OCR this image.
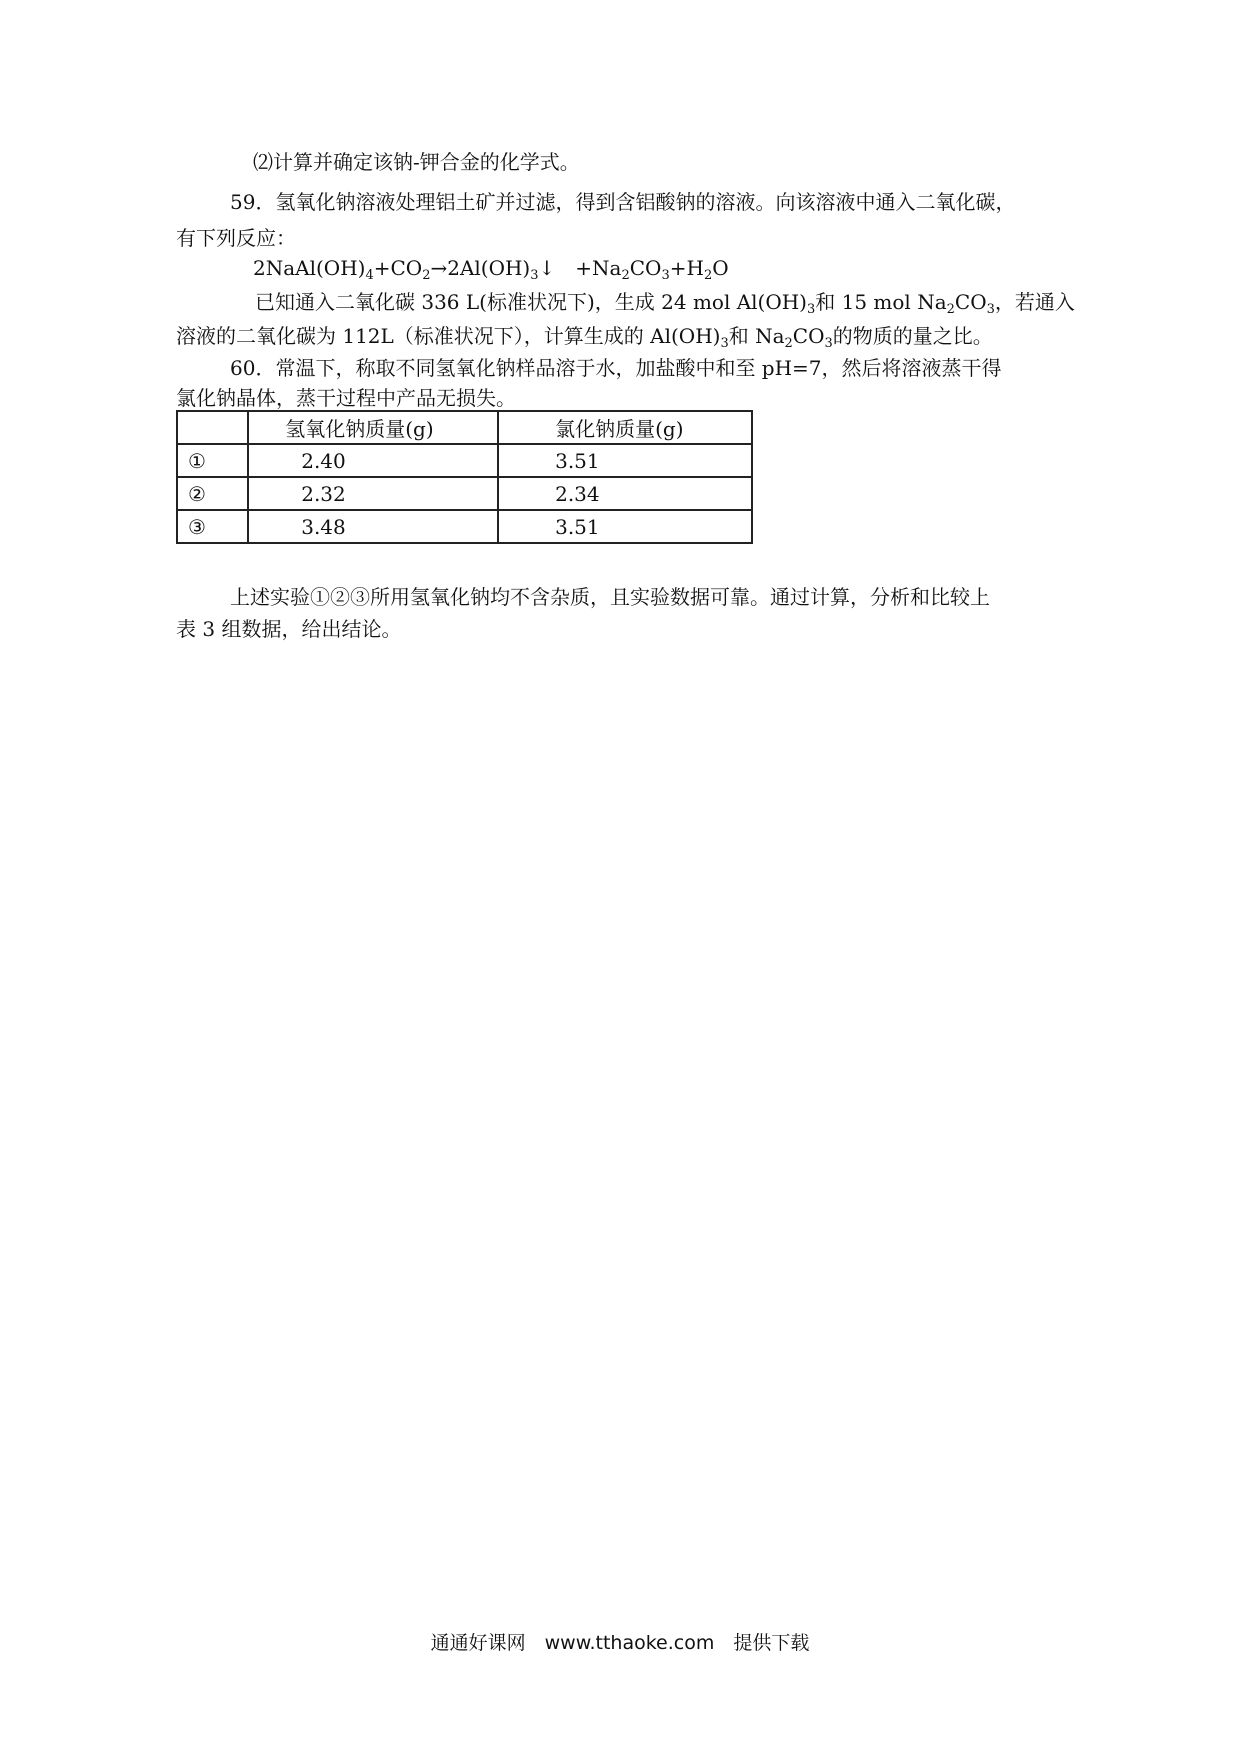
⑵计算并确定该钠-钾合金的化学式。
59．氢氧化钠溶液处理铝土矿并过滤，得到含铝酸钠的溶液。向该溶液中通入二氧化碳，
有下列反应：
$2NaAl(OH)_4+CO_2\to 2Al(OH)_3↓$　$+Na_2CO_3+H_2O$
已知通入二氧化碳 336 L(标准状况下)，生成 24 mol $Al(OH)_3$和 15 mol $Na_2CO_3$，若通入
溶液的二氧化碳为 112L（标准状况下），计算生成的 $Al(OH)_3$和 $Na_2CO_3$的物质的量之比。
60．常温下，称取不同氢氧化钠样品溶于水，加盐酸中和至 pH=7，然后将溶液蒸干得
氯化钠晶体，蒸干过程中产品无损失。
	氢氧化钠质量(g)	氯化钠质量(g)
①	2.40	3.51
②	2.32	2.34
③	3.48	3.51
上述实验①②③所用氢氧化钠均不含杂质，且实验数据可靠。通过计算，分析和比较上
表 3 组数据，给出结论。
通通好课网　www.tthaoke.com　提供下载
